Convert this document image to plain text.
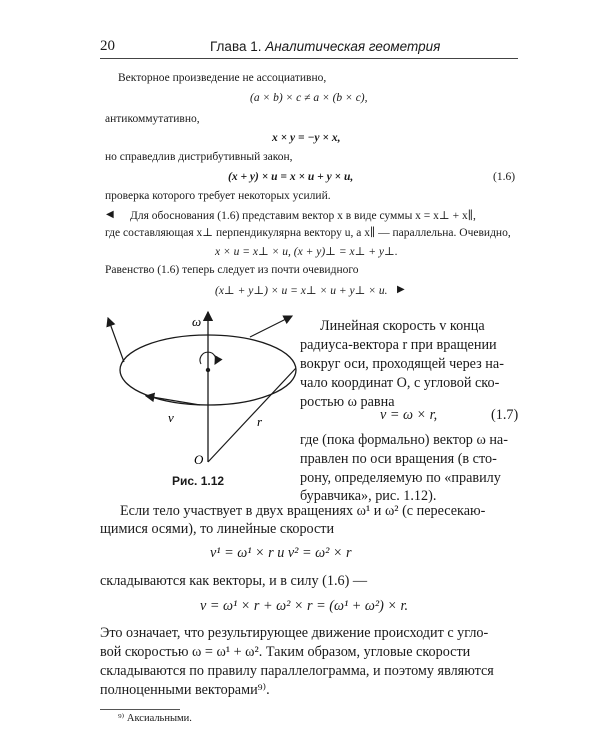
20	Глава 1. Аналитическая геометрия
Векторное произведение не ассоциативно,
(a × b) × c ≠ a × (b × c),
антикоммутативно,
x × y = −y × x,
но справедлив дистрибутивный закон,
(x + y) × u = x × u + y × u,	(1.6)
проверка которого требует некоторых усилий.
◀ Для обоснования (1.6) представим вектор x в виде суммы x = x⊥ + x∥,
где составляющая x⊥ перпендикулярна вектору u, а x∥ — параллельна. Очевидно,
x × u = x⊥ × u, (x + y)⊥ = x⊥ + y⊥.
Равенство (1.6) теперь следует из почти очевидного
(x⊥ + y⊥) × u = x⊥ × u + y⊥ × u. ▶
ω
v	r
O
Рис. 1.12
Линейная скорость v конца
радиуса-вектора r при вращении
вокруг оси, проходящей через на-
чало координат O, с угловой ско-
ростью ω равна
v = ω × r,	(1.7)
где (пока формально) вектор ω на-
правлен по оси вращения (в сто-
рону, определяемую по «правилу
буравчика», рис. 1.12).
Если тело участвует в двух вращениях ω¹ и ω² (с пересекаю-
щимися осями), то линейные скорости
v¹ = ω¹ × r и v² = ω² × r
складываются как векторы, и в силу (1.6) —
v = ω¹ × r + ω² × r = (ω¹ + ω²) × r.
Это означает, что результирующее движение происходит с угло-
вой скоростью ω = ω¹ + ω². Таким образом, угловые скорости
складываются по правилу параллелограмма, и поэтому являются
полноценными векторами⁹⁾.
⁹⁾ Аксиальными.
